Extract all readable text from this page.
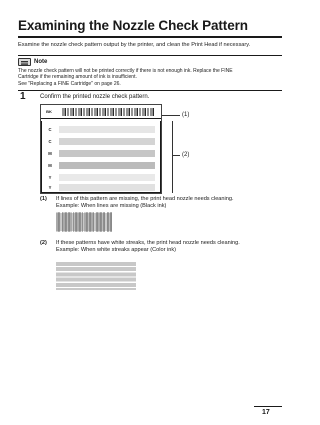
Examining the Nozzle Check Pattern
Examine the nozzle check pattern output by the printer, and clean the Print Head if necessary.
Note
The nozzle check pattern will not be printed correctly if there is not enough ink. Replace the FINE
Cartridge if the remaining amount of ink is insufficient.
See "Replacing a FINE Cartridge" on page 26.
1 Confirm the printed nozzle check pattern.
BK
C
C
M
M
Y
Y
(1)
(2)
(1) If lines of this pattern are missing, the print head nozzle needs cleaning.
Example: When lines are missing (Black ink)
(2) If these patterns have white streaks, the print head nozzle needs cleaning.
Example: When white streaks appear (Color ink)
17
